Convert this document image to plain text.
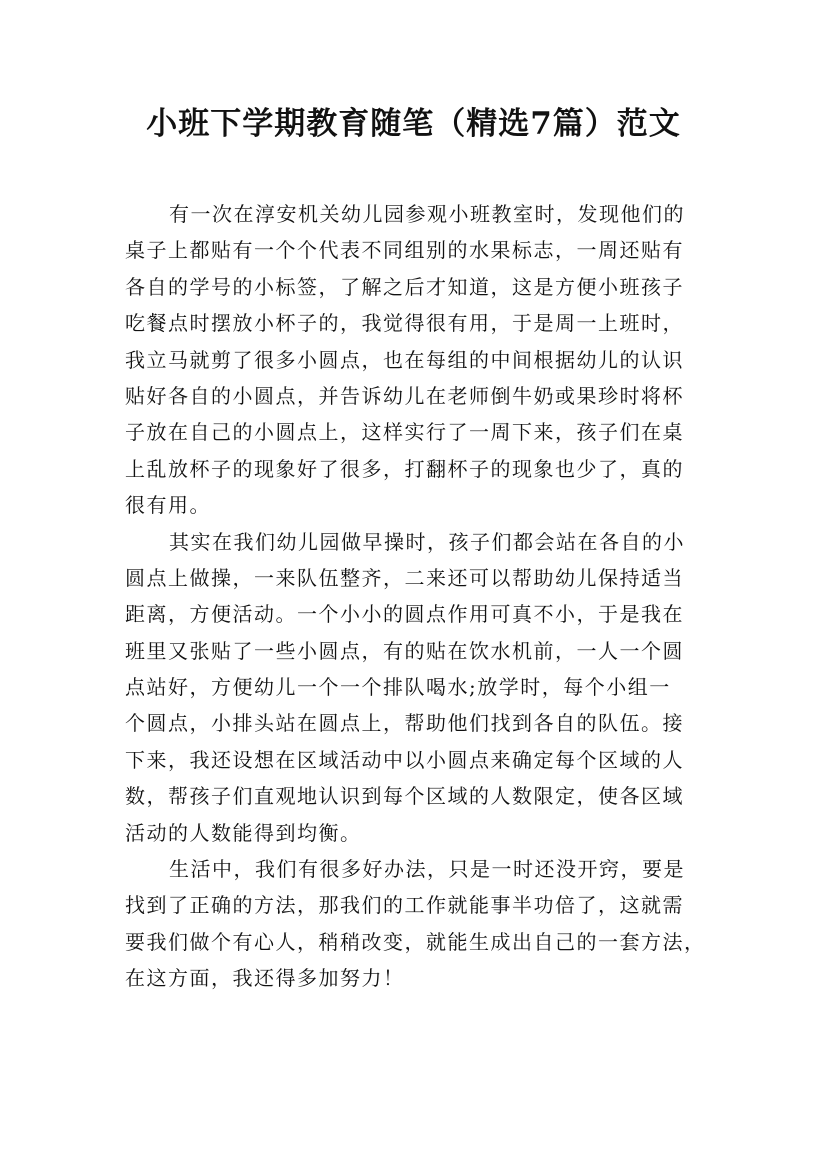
小班下学期教育随笔（精选7篇）范文
有一次在淳安机关幼儿园参观小班教室时，发现他们的
桌子上都贴有一个个代表不同组别的水果标志，一周还贴有
各自的学号的小标签，了解之后才知道，这是方便小班孩子
吃餐点时摆放小杯子的，我觉得很有用，于是周一上班时，
我立马就剪了很多小圆点，也在每组的中间根据幼儿的认识
贴好各自的小圆点，并告诉幼儿在老师倒牛奶或果珍时将杯
子放在自己的小圆点上，这样实行了一周下来，孩子们在桌
上乱放杯子的现象好了很多，打翻杯子的现象也少了，真的
很有用。
其实在我们幼儿园做早操时，孩子们都会站在各自的小
圆点上做操，一来队伍整齐，二来还可以帮助幼儿保持适当
距离，方便活动。一个小小的圆点作用可真不小，于是我在
班里又张贴了一些小圆点，有的贴在饮水机前，一人一个圆
点站好，方便幼儿一个一个排队喝水;放学时，每个小组一
个圆点，小排头站在圆点上，帮助他们找到各自的队伍。接
下来，我还设想在区域活动中以小圆点来确定每个区域的人
数，帮孩子们直观地认识到每个区域的人数限定，使各区域
活动的人数能得到均衡。
生活中，我们有很多好办法，只是一时还没开窍，要是
找到了正确的方法，那我们的工作就能事半功倍了，这就需
要我们做个有心人，稍稍改变，就能生成出自己的一套方法，
在这方面，我还得多加努力！
